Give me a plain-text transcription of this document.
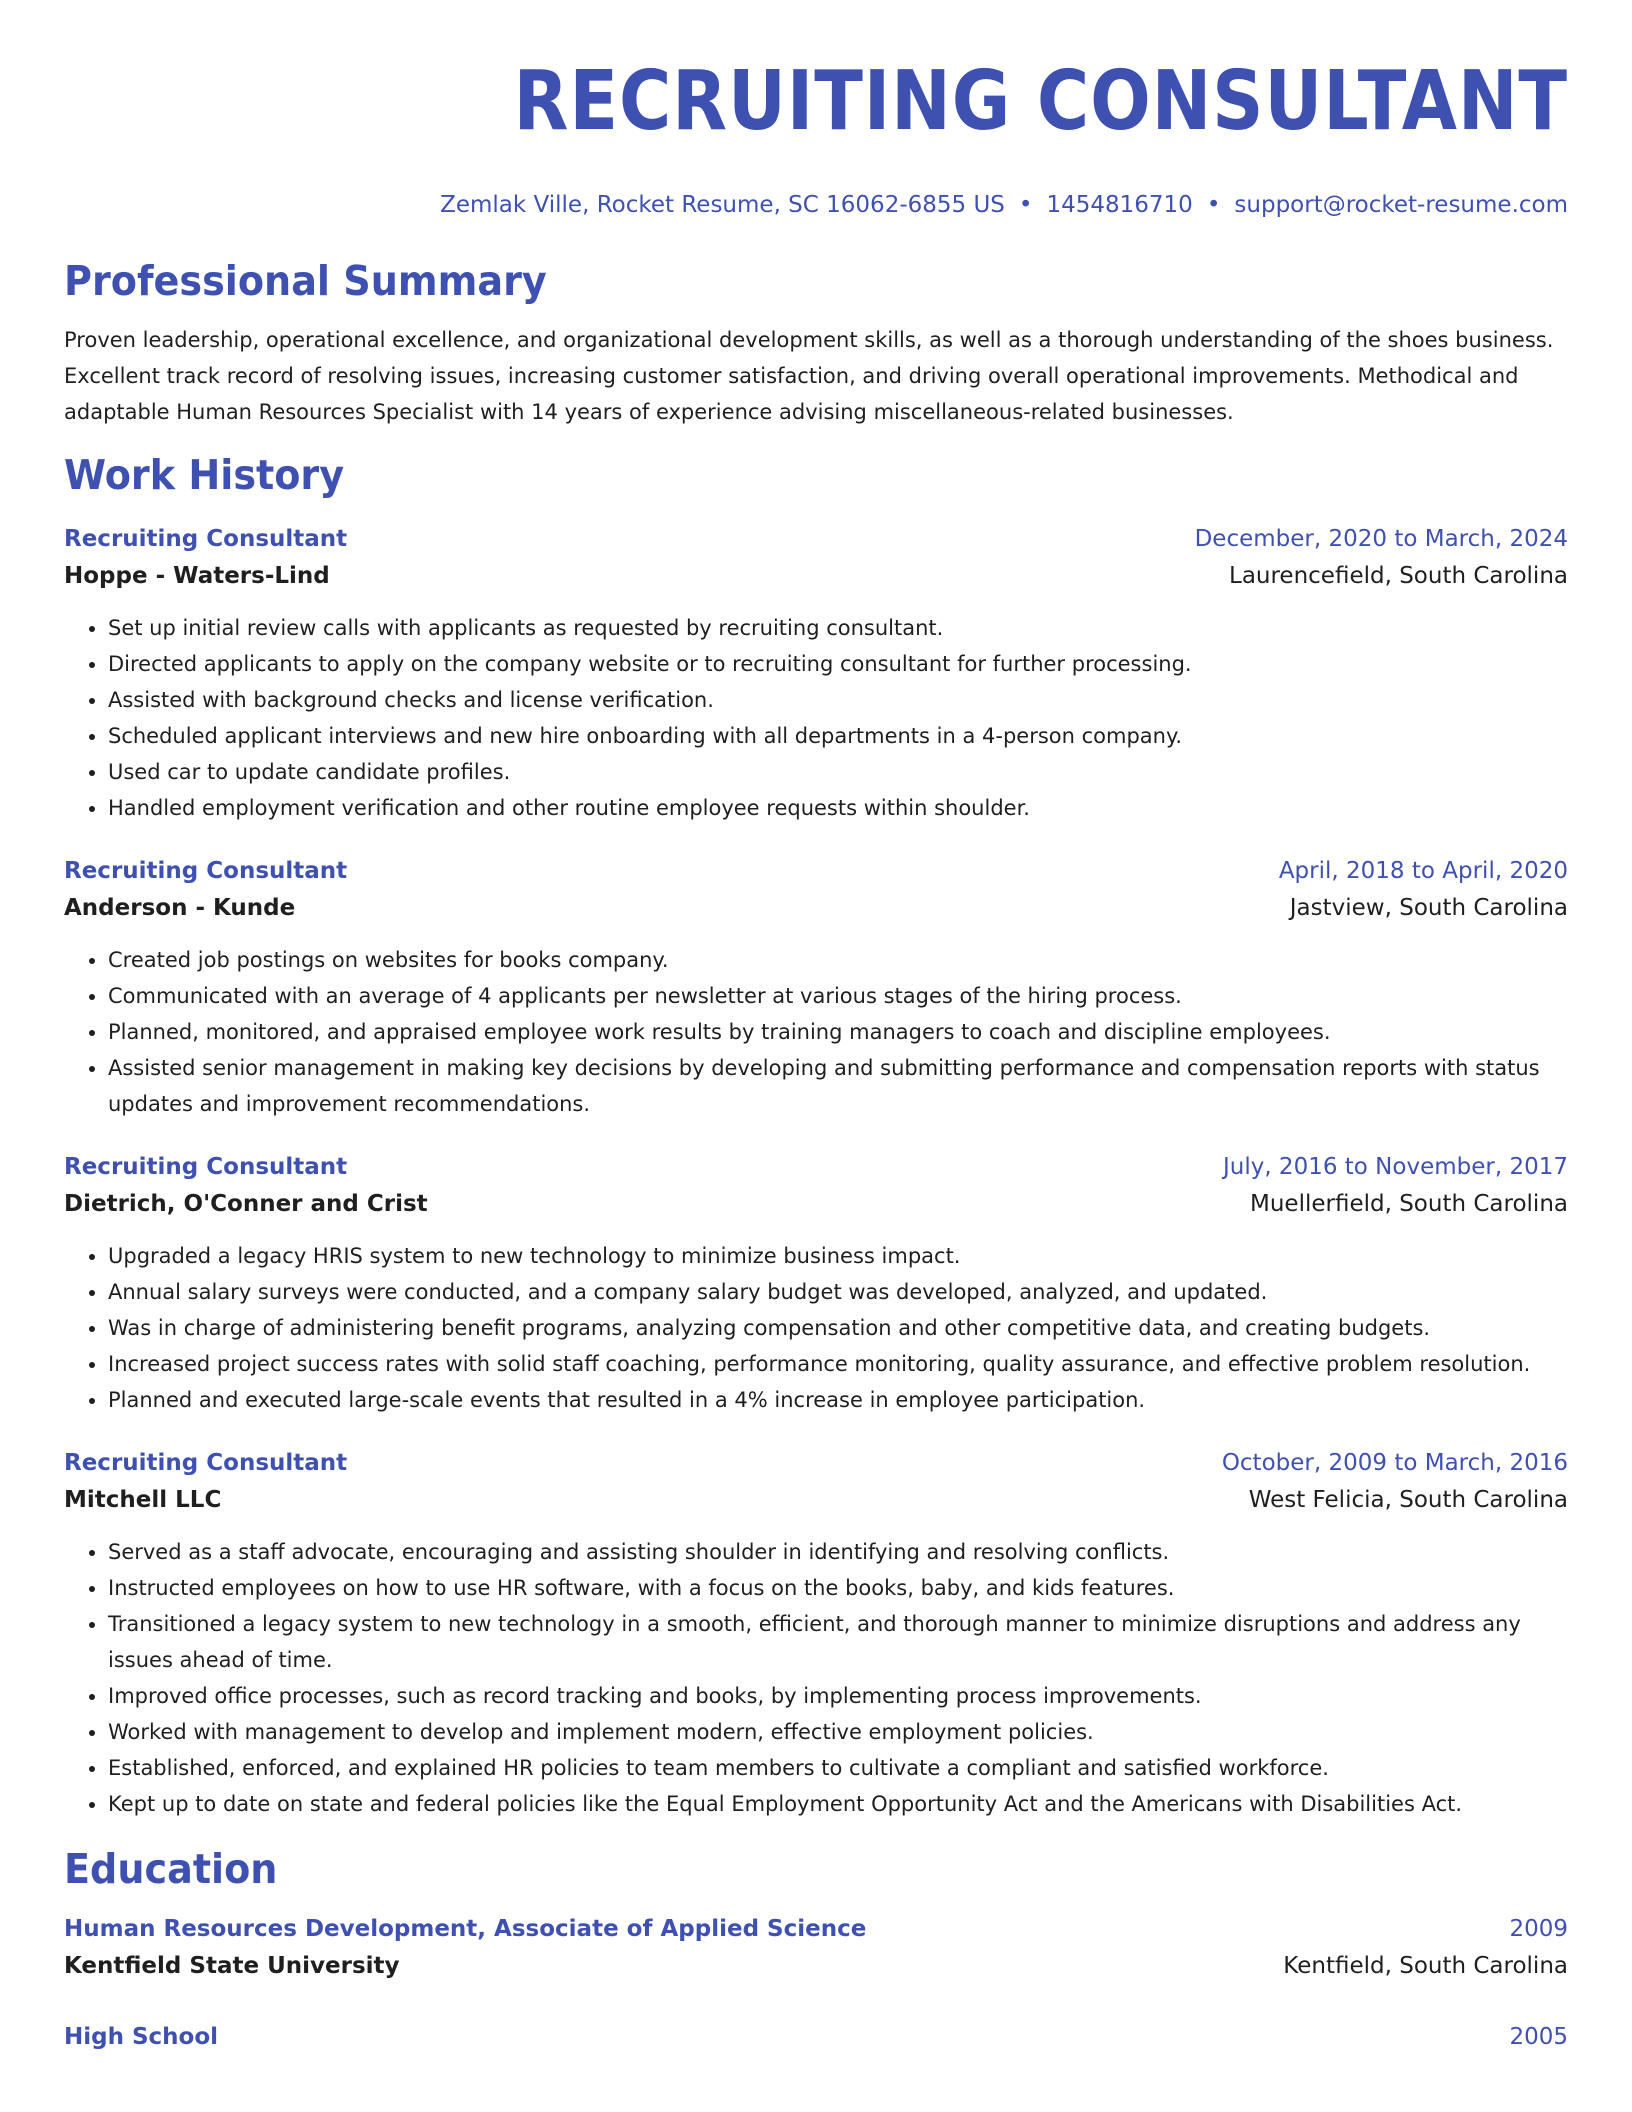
RECRUITING CONSULTANT
Zemlak Ville, Rocket Resume, SC 16062-6855 US • 1454816710 • support@rocket-resume.com
Professional Summary

Proven leadership, operational excellence, and organizational development skills, as well as a thorough understanding of the shoes business. Excellent track record of resolving issues, increasing customer satisfaction, and driving overall operational improvements. Methodical and adaptable Human Resources Specialist with 14 years of experience advising miscellaneous-related businesses.

Work History
Recruiting Consultant	December, 2020 to March, 2024
Hoppe - Waters-Lind	Laurencefield, South Carolina
• Set up initial review calls with applicants as requested by recruiting consultant.
• Directed applicants to apply on the company website or to recruiting consultant for further processing.
• Assisted with background checks and license verification.
• Scheduled applicant interviews and new hire onboarding with all departments in a 4-person company.
• Used car to update candidate profiles.
• Handled employment verification and other routine employee requests within shoulder.
Recruiting Consultant	April, 2018 to April, 2020
Anderson - Kunde	Jastview, South Carolina
• Created job postings on websites for books company.
• Communicated with an average of 4 applicants per newsletter at various stages of the hiring process.
• Planned, monitored, and appraised employee work results by training managers to coach and discipline employees.
• Assisted senior management in making key decisions by developing and submitting performance and compensation reports with status updates and improvement recommendations.
Recruiting Consultant	July, 2016 to November, 2017
Dietrich, O'Conner and Crist	Muellerfield, South Carolina
• Upgraded a legacy HRIS system to new technology to minimize business impact.
• Annual salary surveys were conducted, and a company salary budget was developed, analyzed, and updated.
• Was in charge of administering benefit programs, analyzing compensation and other competitive data, and creating budgets.
• Increased project success rates with solid staff coaching, performance monitoring, quality assurance, and effective problem resolution.
• Planned and executed large-scale events that resulted in a 4% increase in employee participation.
Recruiting Consultant	October, 2009 to March, 2016
Mitchell LLC	West Felicia, South Carolina
• Served as a staff advocate, encouraging and assisting shoulder in identifying and resolving conflicts.
• Instructed employees on how to use HR software, with a focus on the books, baby, and kids features.
• Transitioned a legacy system to new technology in a smooth, efficient, and thorough manner to minimize disruptions and address any issues ahead of time.
• Improved office processes, such as record tracking and books, by implementing process improvements.
• Worked with management to develop and implement modern, effective employment policies.
• Established, enforced, and explained HR policies to team members to cultivate a compliant and satisfied workforce.
• Kept up to date on state and federal policies like the Equal Employment Opportunity Act and the Americans with Disabilities Act.
Education
Human Resources Development, Associate of Applied Science	2009
Kentfield State University	Kentfield, South Carolina
High School	2005
